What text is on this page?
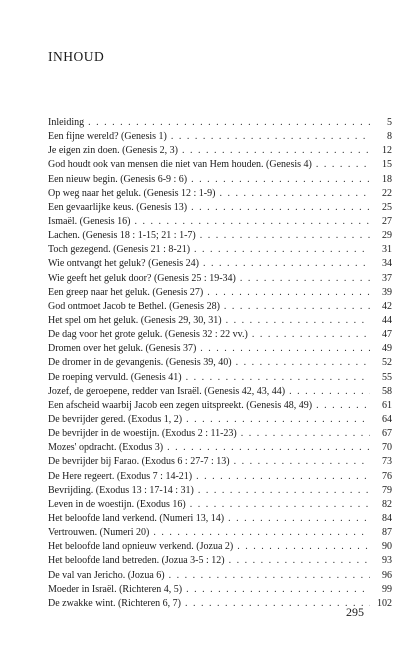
INHOUD
Inleiding . . .	5
Een fijne wereld? (Genesis 1) . . .	8
Je eigen zin doen. (Genesis 2, 3) . . .	12
God houdt ook van mensen die niet van Hem houden. (Genesis 4) . . .	15
Een nieuw begin. (Genesis 6-9 : 6) . . .	18
Op weg naar het geluk. (Genesis 12 : 1-9) . . .	22
Een gevaarlijke keus. (Genesis 13) . . .	25
Ismaël. (Genesis 16) . . .	27
Lachen. (Genesis 18 : 1-15; 21 : 1-7) . . .	29
Toch gezegend. (Genesis 21 : 8-21) . . .	31
Wie ontvangt het geluk? (Genesis 24) . . .	34
Wie geeft het geluk door? (Genesis 25 : 19-34) . . .	37
Een greep naar het geluk. (Genesis 27) . . .	39
God ontmoet Jacob te Bethel. (Genesis 28) . . .	42
Het spel om het geluk. (Genesis 29, 30, 31) . . .	44
De dag voor het grote geluk. (Genesis 32 : 22 vv.) . . .	47
Dromen over het geluk. (Genesis 37) . . .	49
De dromer in de gevangenis. (Genesis 39, 40) . . .	52
De roeping vervuld. (Genesis 41) . . .	55
Jozef, de geroepene, redder van Israël. (Genesis 42, 43, 44) . . .	58
Een afscheid waarbij Jacob een zegen uitspreekt. (Genesis 48, 49) . . .	61
De bevrijder gered. (Exodus 1, 2) . . .	64
De bevrijder in de woestijn. (Exodus 2 : 11-23) . . .	67
Mozes' opdracht. (Exodus 3) . . .	70
De bevrijder bij Farao. (Exodus 6 : 27-7 : 13) . . .	73
De Here regeert. (Exodus 7 : 14-21) . . .	76
Bevrijding. (Exodus 13 : 17-14 : 31) . . .	79
Leven in de woestijn. (Exodus 16) . . .	82
Het beloofde land verkend. (Numeri 13, 14) . . .	84
Vertrouwen. (Numeri 20) . . .	87
Het beloofde land opnieuw verkend. (Jozua 2) . . .	90
Het beloofde land betreden. (Jozua 3-5 : 12) . . .	93
De val van Jericho. (Jozua 6) . . .	96
Moeder in Israël. (Richteren 4, 5) . . .	99
De zwakke wint. (Richteren 6, 7) . . .	102
295
